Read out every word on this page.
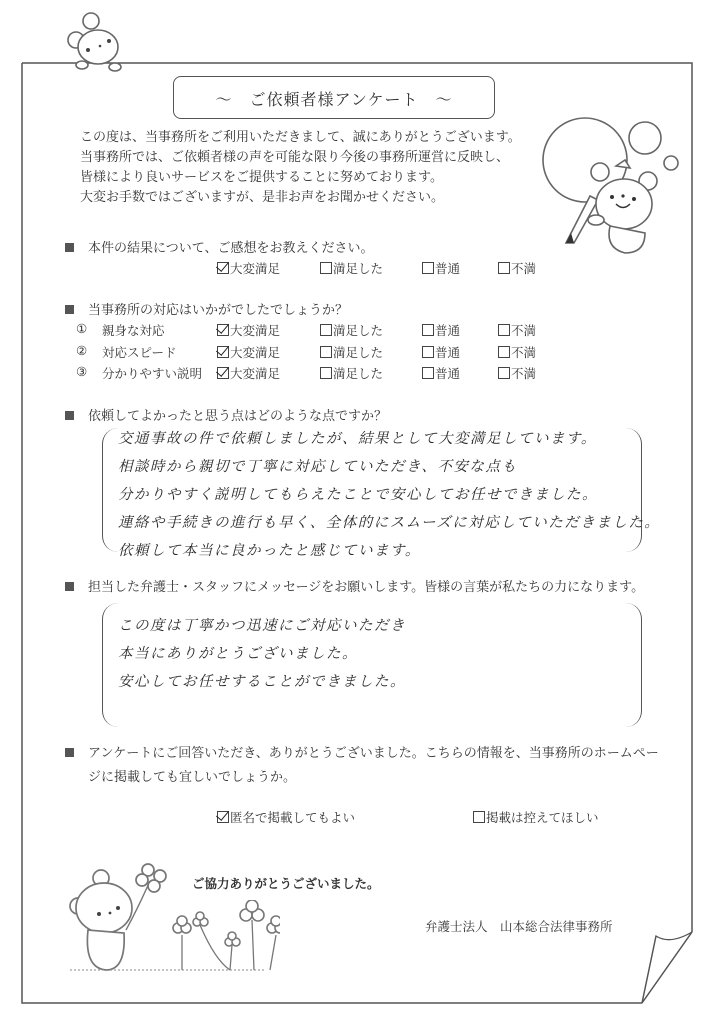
～　ご依頼者様アンケート　～
この度は、当事務所をご利用いただきまして、誠にありがとうございます。
当事務所では、ご依頼者様の声を可能な限り今後の事務所運営に反映し、
皆様により良いサービスをご提供することに努めております。
大変お手数ではございますが、是非お声をお聞かせください。
本件の結果について、ご感想をお教えください。
大変満足	満足した	普通	不満
当事務所の対応はいかがでしたでしょうか？
① 親身な対応	大変満足	満足した	普通	不満
② 対応スピード	大変満足	満足した	普通	不満
③ 分かりやすい説明	大変満足	満足した	普通	不満
依頼してよかったと思う点はどのような点ですか？
交通事故の件で依頼しましたが、結果として大変満足しています。
相談時から親切で丁寧に対応していただき、不安な点も
分かりやすく説明してもらえたことで安心してお任せできました。
連絡や手続きの進行も早く、全体的にスムーズに対応していただきました。
依頼して本当に良かったと感じています。
担当した弁護士・スタッフにメッセージをお願いします。皆様の言葉が私たちの力になります。
この度は丁寧かつ迅速にご対応いただき
本当にありがとうございました。
安心してお任せすることができました。
アンケートにご回答いただき、ありがとうございました。こちらの情報を、当事務所のホームペー
ジに掲載しても宜しいでしょうか。
匿名で掲載してもよい	掲載は控えてほしい
ご協力ありがとうございました。
弁護士法人　山本総合法律事務所
